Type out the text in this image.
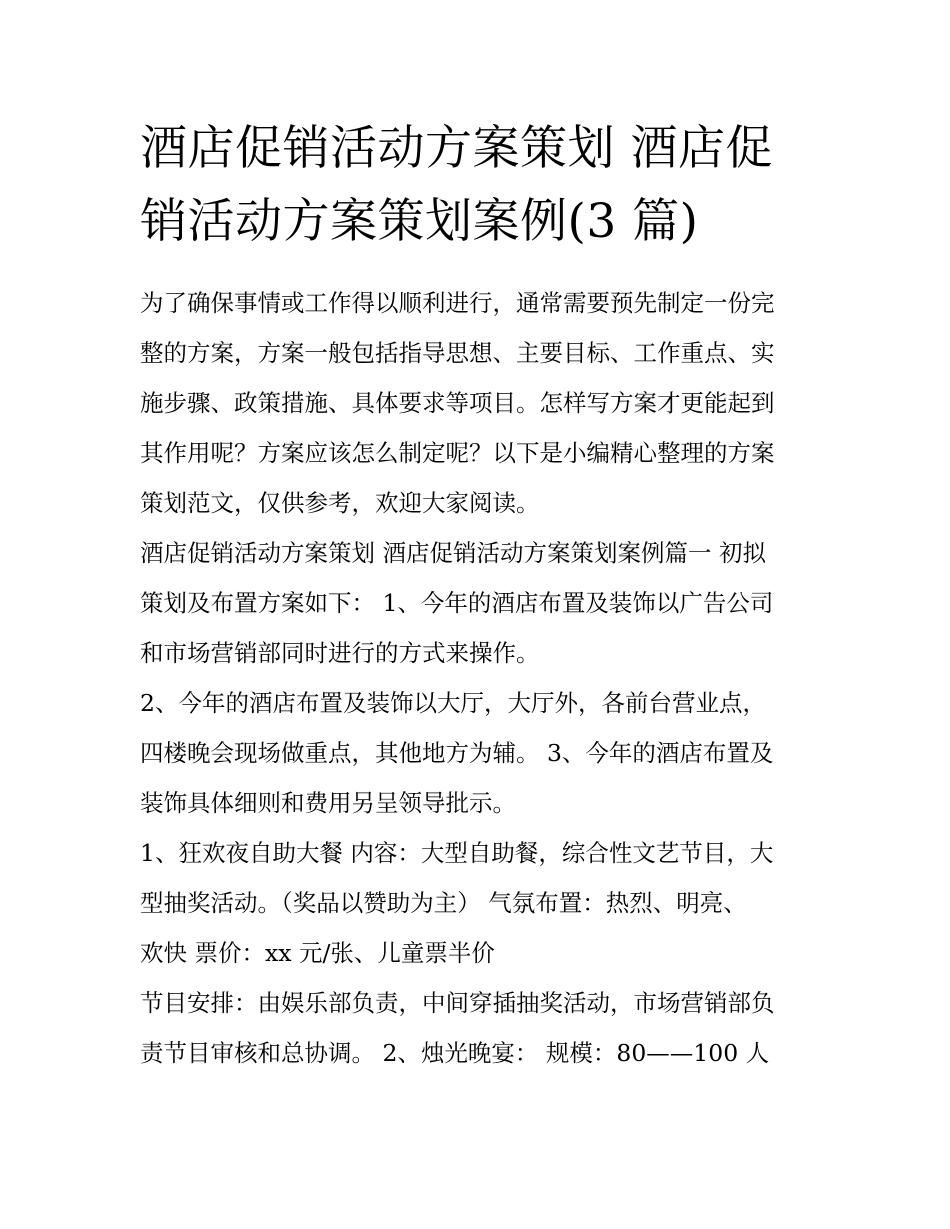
酒店促销活动方案策划 酒店促
销活动方案策划案例(3 篇)

为了确保事情或工作得以顺利进行，通常需要预先制定一份完

整的方案，方案一般包括指导思想、主要目标、工作重点、实

施步骤、政策措施、具体要求等项目。怎样写方案才更能起到

其作用呢？方案应该怎么制定呢？以下是小编精心整理的方案

策划范文，仅供参考，欢迎大家阅读。

酒店促销活动方案策划 酒店促销活动方案策划案例篇一 初拟

策划及布置方案如下： 1、今年的酒店布置及装饰以广告公司

和市场营销部同时进行的方式来操作。

2、今年的酒店布置及装饰以大厅，大厅外，各前台营业点，

四楼晚会现场做重点，其他地方为辅。 3、今年的酒店布置及

装饰具体细则和费用另呈领导批示。

1、狂欢夜自助大餐 内容：大型自助餐，综合性文艺节目，大

型抽奖活动。（奖品以赞助为主） 气氛布置：热烈、明亮、

欢快 票价：xx 元/张、儿童票半价

节目安排：由娱乐部负责，中间穿插抽奖活动，市场营销部负

责节目审核和总协调。 2、烛光晚宴： 规模：80——100 人
